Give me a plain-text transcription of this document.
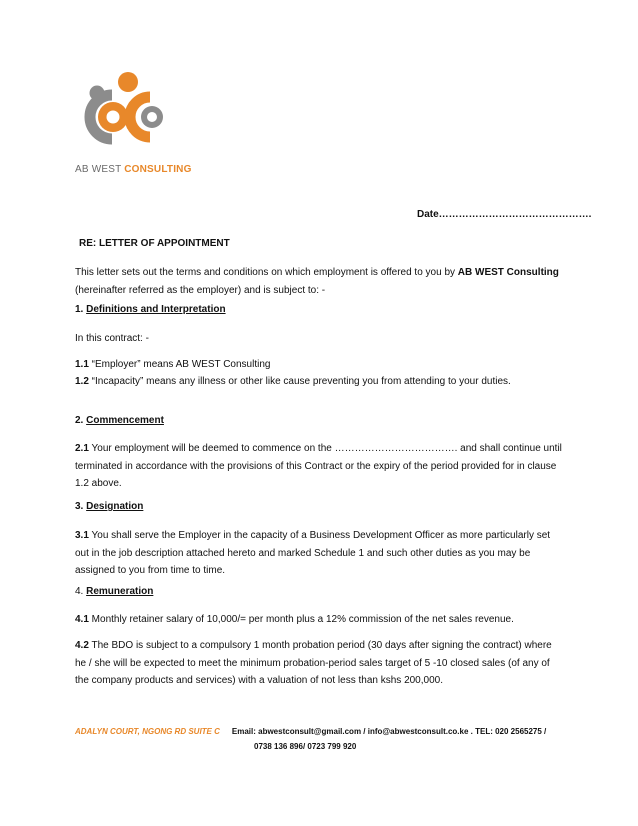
AB WEST CONSULTING
Date……………………………………….
RE: LETTER OF APPOINTMENT
This letter sets out the terms and conditions on which employment is offered to you by AB WEST Consulting (hereinafter referred as the employer) and is subject to: -
1. Definitions and Interpretation
In this contract: -
1.1 “Employer” means AB WEST Consulting
1.2 “Incapacity” means any illness or other like cause preventing you from attending to your duties.
2. Commencement
2.1 Your employment will be deemed to commence on the ………………………………. and shall continue until terminated in accordance with the provisions of this Contract or the expiry of the period provided for in clause 1.2 above.
3. Designation
3.1 You shall serve the Employer in the capacity of a Business Development Officer as more particularly set out in the job description attached hereto and marked Schedule 1 and such other duties as you may be assigned to you from time to time.
4. Remuneration
4.1 Monthly retainer salary of 10,000/= per month plus a 12% commission of the net sales revenue.
4.2 The BDO is subject to a compulsory 1 month probation period (30 days after signing the contract) where he / she will be expected to meet the minimum probation-period sales target of 5 -10 closed sales (of any of the company products and services) with a valuation of not less than kshs 200,000.
ADALYN COURT, NGONG RD SUITE C Email: abwestconsult@gmail.com / info@abwestconsult.co.ke . TEL: 020 2565275 /
0738 136 896/ 0723 799 920
